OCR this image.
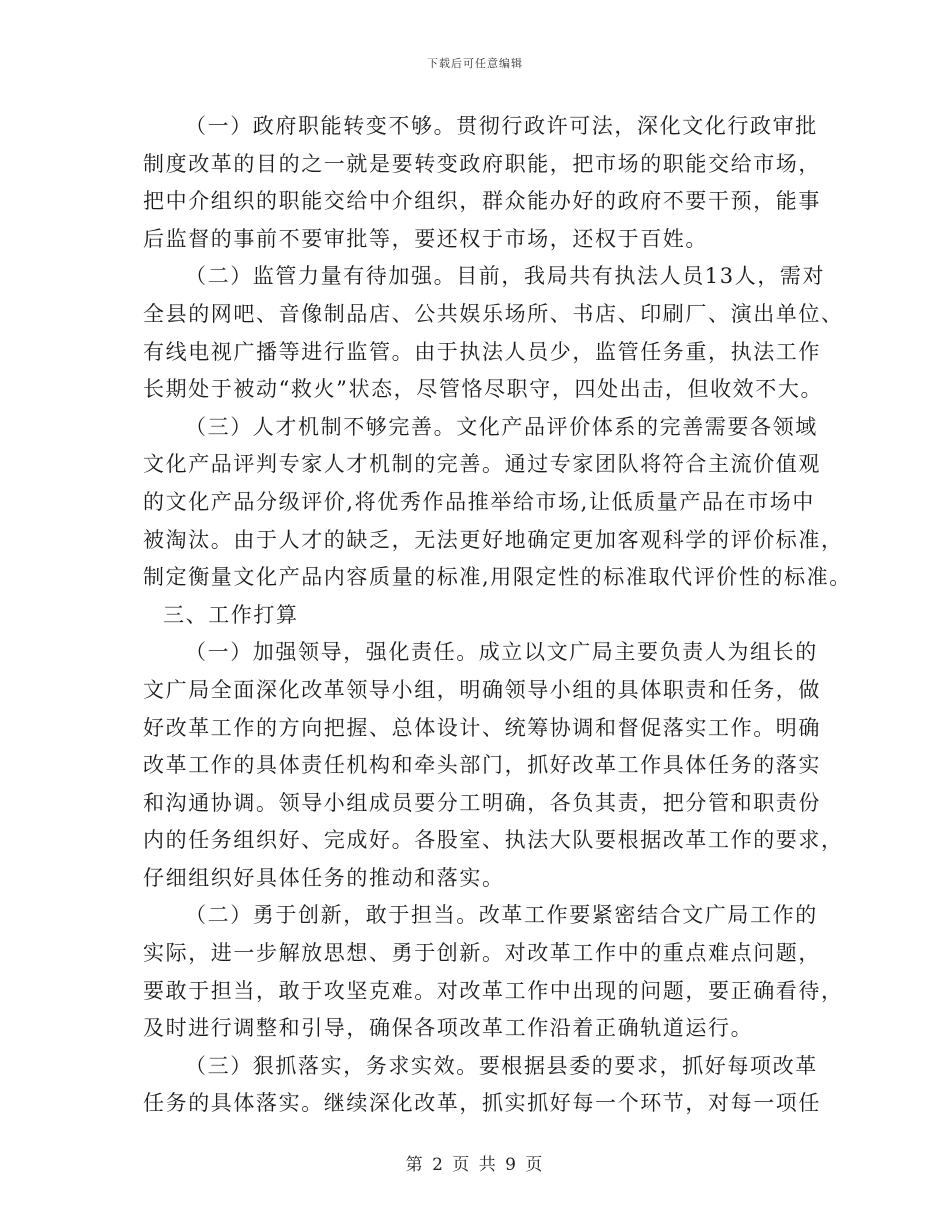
下载后可任意编辑
（一）政府职能转变不够。贯彻行政许可法，深化文化行政审批
制度改革的目的之一就是要转变政府职能，把市场的职能交给市场，
把中介组织的职能交给中介组织，群众能办好的政府不要干预，能事
后监督的事前不要审批等，要还权于市场，还权于百姓。
（二）监管力量有待加强。目前，我局共有执法人员13人，需对
全县的网吧、音像制品店、公共娱乐场所、书店、印刷厂、演出单位、
有线电视广播等进行监管。由于执法人员少，监管任务重，执法工作
长期处于被动“救火”状态，尽管恪尽职守，四处出击，但收效不大。
（三）人才机制不够完善。文化产品评价体系的完善需要各领域
文化产品评判专家人才机制的完善。通过专家团队将符合主流价值观
的文化产品分级评价,将优秀作品推举给市场,让低质量产品在市场中
被淘汰。由于人才的缺乏，无法更好地确定更加客观科学的评价标准，
制定衡量文化产品内容质量的标准,用限定性的标准取代评价性的标准。
三、工作打算
（一）加强领导，强化责任。成立以文广局主要负责人为组长的
文广局全面深化改革领导小组，明确领导小组的具体职责和任务，做
好改革工作的方向把握、总体设计、统筹协调和督促落实工作。明确
改革工作的具体责任机构和牵头部门，抓好改革工作具体任务的落实
和沟通协调。领导小组成员要分工明确，各负其责，把分管和职责份
内的任务组织好、完成好。各股室、执法大队要根据改革工作的要求，
仔细组织好具体任务的推动和落实。
（二）勇于创新，敢于担当。改革工作要紧密结合文广局工作的
实际，进一步解放思想、勇于创新。对改革工作中的重点难点问题，
要敢于担当，敢于攻坚克难。对改革工作中出现的问题，要正确看待，
及时进行调整和引导，确保各项改革工作沿着正确轨道运行。
（三）狠抓落实，务求实效。要根据县委的要求，抓好每项改革
任务的具体落实。继续深化改革，抓实抓好每一个环节，对每一项任
第 2 页 共 9 页
